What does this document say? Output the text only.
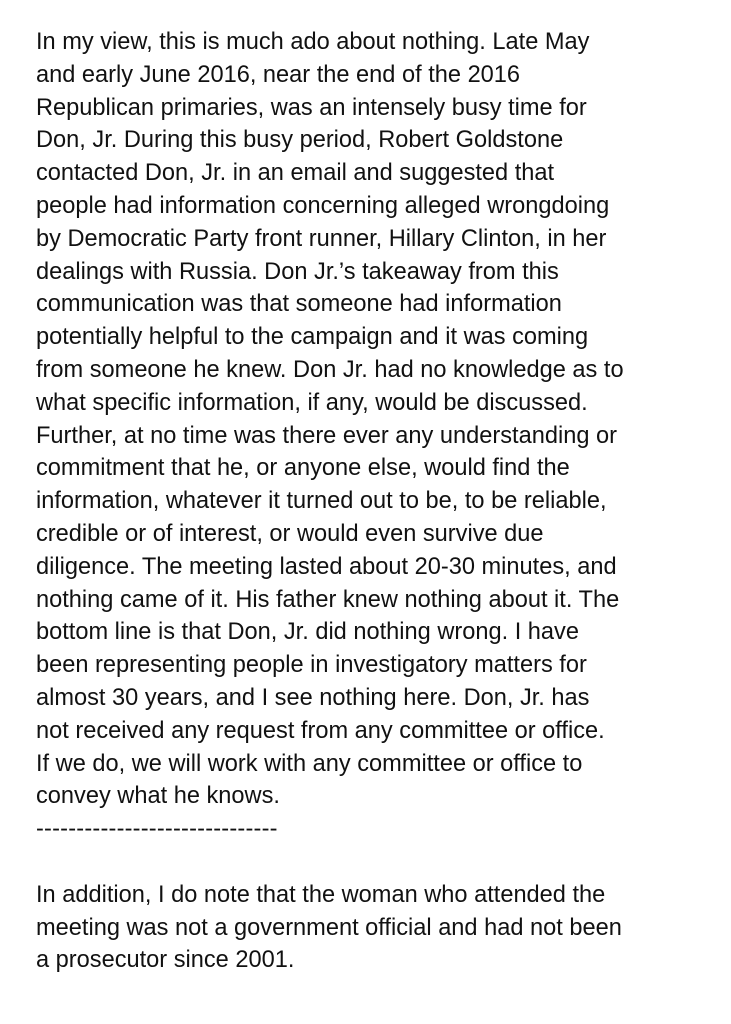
In my view, this is much ado about nothing. Late May
and early June 2016, near the end of the 2016
Republican primaries, was an intensely busy time for
Don, Jr. During this busy period, Robert Goldstone
contacted Don, Jr. in an email and suggested that
people had information concerning alleged wrongdoing
by Democratic Party front runner, Hillary Clinton, in her
dealings with Russia. Don Jr.’s takeaway from this
communication was that someone had information
potentially helpful to the campaign and it was coming
from someone he knew. Don Jr. had no knowledge as to
what specific information, if any, would be discussed.
Further, at no time was there ever any understanding or
commitment that he, or anyone else, would find the
information, whatever it turned out to be, to be reliable,
credible or of interest, or would even survive due
diligence. The meeting lasted about 20-30 minutes, and
nothing came of it. His father knew nothing about it. The
bottom line is that Don, Jr. did nothing wrong. I have
been representing people in investigatory matters for
almost 30 years, and I see nothing here. Don, Jr. has
not received any request from any committee or office.
If we do, we will work with any committee or office to
convey what he knows.
------------------------------
In addition, I do note that the woman who attended the
meeting was not a government official and had not been
a prosecutor since 2001.
